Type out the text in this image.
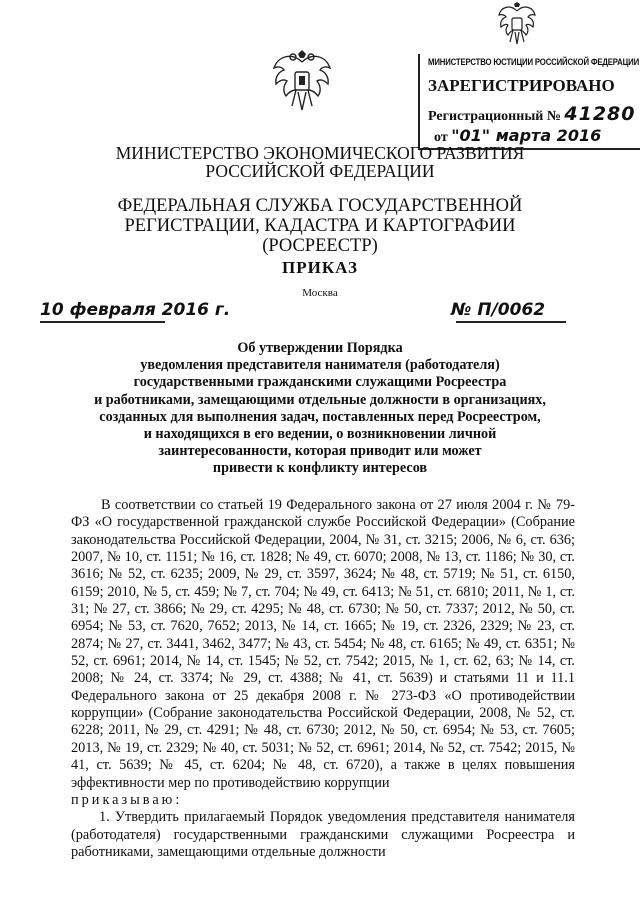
МИНИСТЕРСТВО ЮСТИЦИИ РОССИЙСКОЙ ФЕДЕРАЦИИ
ЗАРЕГИСТРИРОВАНО
Регистрационный № 41280
от "01" марта 2016
МИНИСТЕРСТВО ЭКОНОМИЧЕСКОГО РАЗВИТИЯ
РОССИЙСКОЙ ФЕДЕРАЦИИ
ФЕДЕРАЛЬНАЯ СЛУЖБА ГОСУДАРСТВЕННОЙ
РЕГИСТРАЦИИ, КАДАСТРА И КАРТОГРАФИИ
(РОСРЕЕСТР)
ПРИКАЗ
Москва
10 февраля 2016 г.	№ П/0062
Об утверждении Порядка
уведомления представителя нанимателя (работодателя)
государственными гражданскими служащими Росреестра
и работниками, замещающими отдельные должности в организациях,
созданных для выполнения задач, поставленных перед Росреестром,
и находящихся в его ведении, о возникновении личной
заинтересованности, которая приводит или может
привести к конфликту интересов

В соответствии со статьей 19 Федерального закона от 27 июля 2004 г. № 79-ФЗ «О государственной гражданской службе Российской Федерации» (Собрание законодательства Российской Федерации, 2004, № 31, ст. 3215; 2006, № 6, ст. 636; 2007, № 10, ст. 1151; № 16, ст. 1828; № 49, ст. 6070; 2008, № 13, ст. 1186; № 30, ст. 3616; № 52, ст. 6235; 2009, № 29, ст. 3597, 3624; № 48, ст. 5719; № 51, ст. 6150, 6159; 2010, № 5, ст. 459; № 7, ст. 704; № 49, ст. 6413; № 51, ст. 6810; 2011, № 1, ст. 31; № 27, ст. 3866; № 29, ст. 4295; № 48, ст. 6730; № 50, ст. 7337; 2012, № 50, ст. 6954; № 53, ст. 7620, 7652; 2013, № 14, ст. 1665; № 19, ст. 2326, 2329; № 23, ст. 2874; № 27, ст. 3441, 3462, 3477; № 43, ст. 5454; № 48, ст. 6165; № 49, ст. 6351; № 52, ст. 6961; 2014, № 14, ст. 1545; № 52, ст. 7542; 2015, № 1, ст. 62, 63; № 14, ст. 2008; № 24, ст. 3374; № 29, ст. 4388; № 41, ст. 5639) и статьями 11 и 11.1 Федерального закона от 25 декабря 2008 г. № 273-ФЗ «О противодействии коррупции» (Собрание законодательства Российской Федерации, 2008, № 52, ст. 6228; 2011, № 29, ст. 4291; № 48, ст. 6730; 2012, № 50, ст. 6954; № 53, ст. 7605; 2013, № 19, ст. 2329; № 40, ст. 5031; № 52, ст. 6961; 2014, № 52, ст. 7542; 2015, № 41, ст. 5639; № 45, ст. 6204; № 48, ст. 6720), а также в целях повышения эффективности мер по противодействию коррупции

приказываю:

1. Утвердить прилагаемый Порядок уведомления представителя нанимателя (работодателя) государственными гражданскими служащими Росреестра и работниками, замещающими отдельные должности
